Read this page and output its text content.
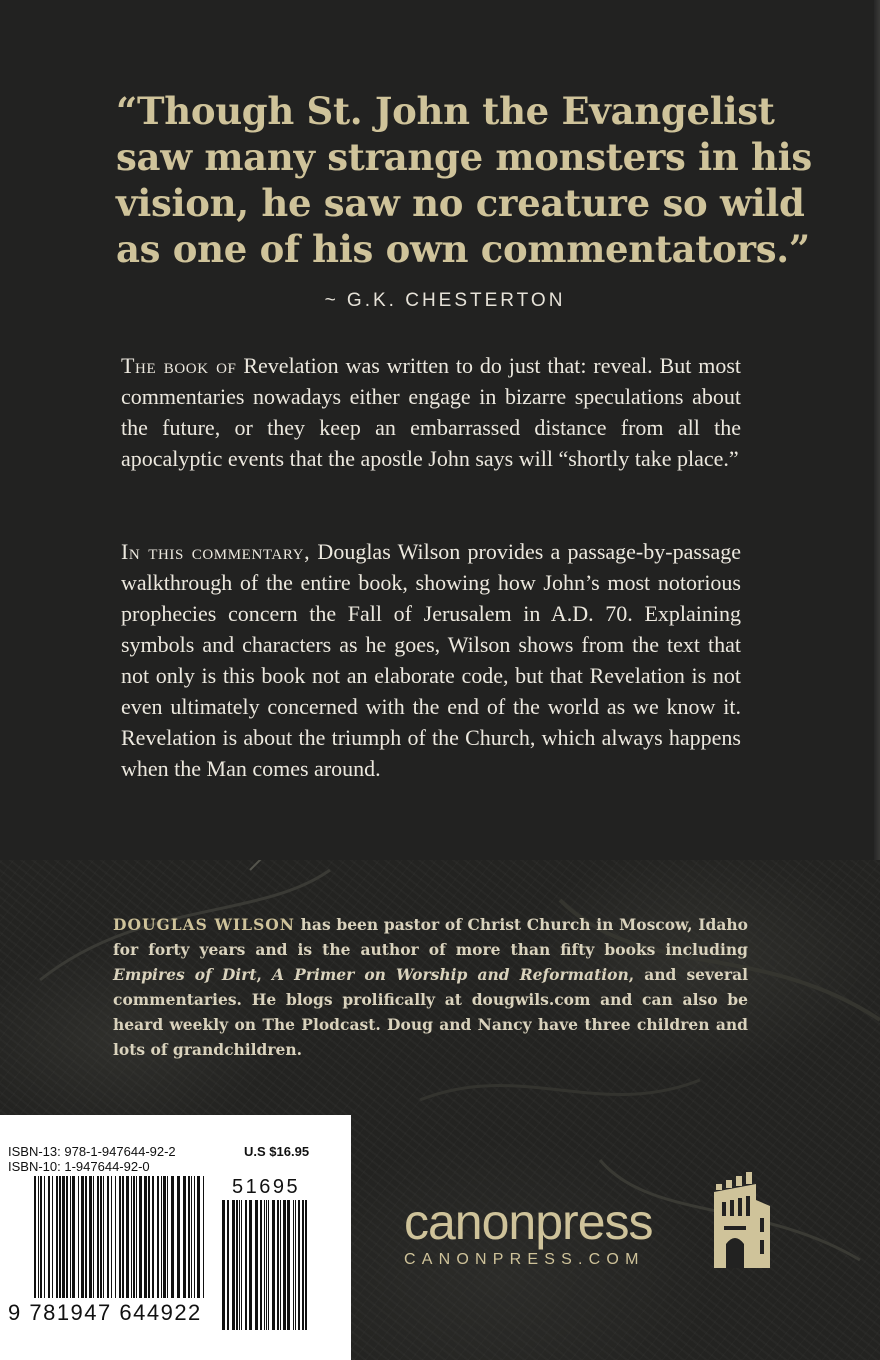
“Though St. John the Evangelist
saw many strange monsters in his
vision, he saw no creature so wild
as one of his own commentators.”
~ G.K. CHESTERTON
The book of Revelation was written to do just that: reveal. But most commentaries nowadays either engage in bizarre speculations about the future, or they keep an embarrassed distance from all the apocalyptic events that the apostle John says will “shortly take place.”
In this commentary, Douglas Wilson provides a passage-by-passage walkthrough of the entire book, showing how John’s most notorious prophecies concern the Fall of Jerusalem in A.D. 70. Explaining symbols and characters as he goes, Wilson shows from the text that not only is this book not an elaborate code, but that Revelation is not even ultimately concerned with the end of the world as we know it. Revelation is about the triumph of the Church, which always happens when the Man comes around.
DOUGLAS WILSON has been pastor of Christ Church in Moscow, Idaho for forty years and is the author of more than fifty books including Empires of Dirt, A Primer on Worship and Reformation, and several commentaries. He blogs prolifically at dougwils.com and can also be heard weekly on The Plodcast. Doug and Nancy have three children and lots of grandchildren.
ISBN-13: 978-1-947644-92-2
ISBN-10: 1-947644-92-0
U.S $16.95
51695
9 781947 644922
canonpress
CANONPRESS.COM
